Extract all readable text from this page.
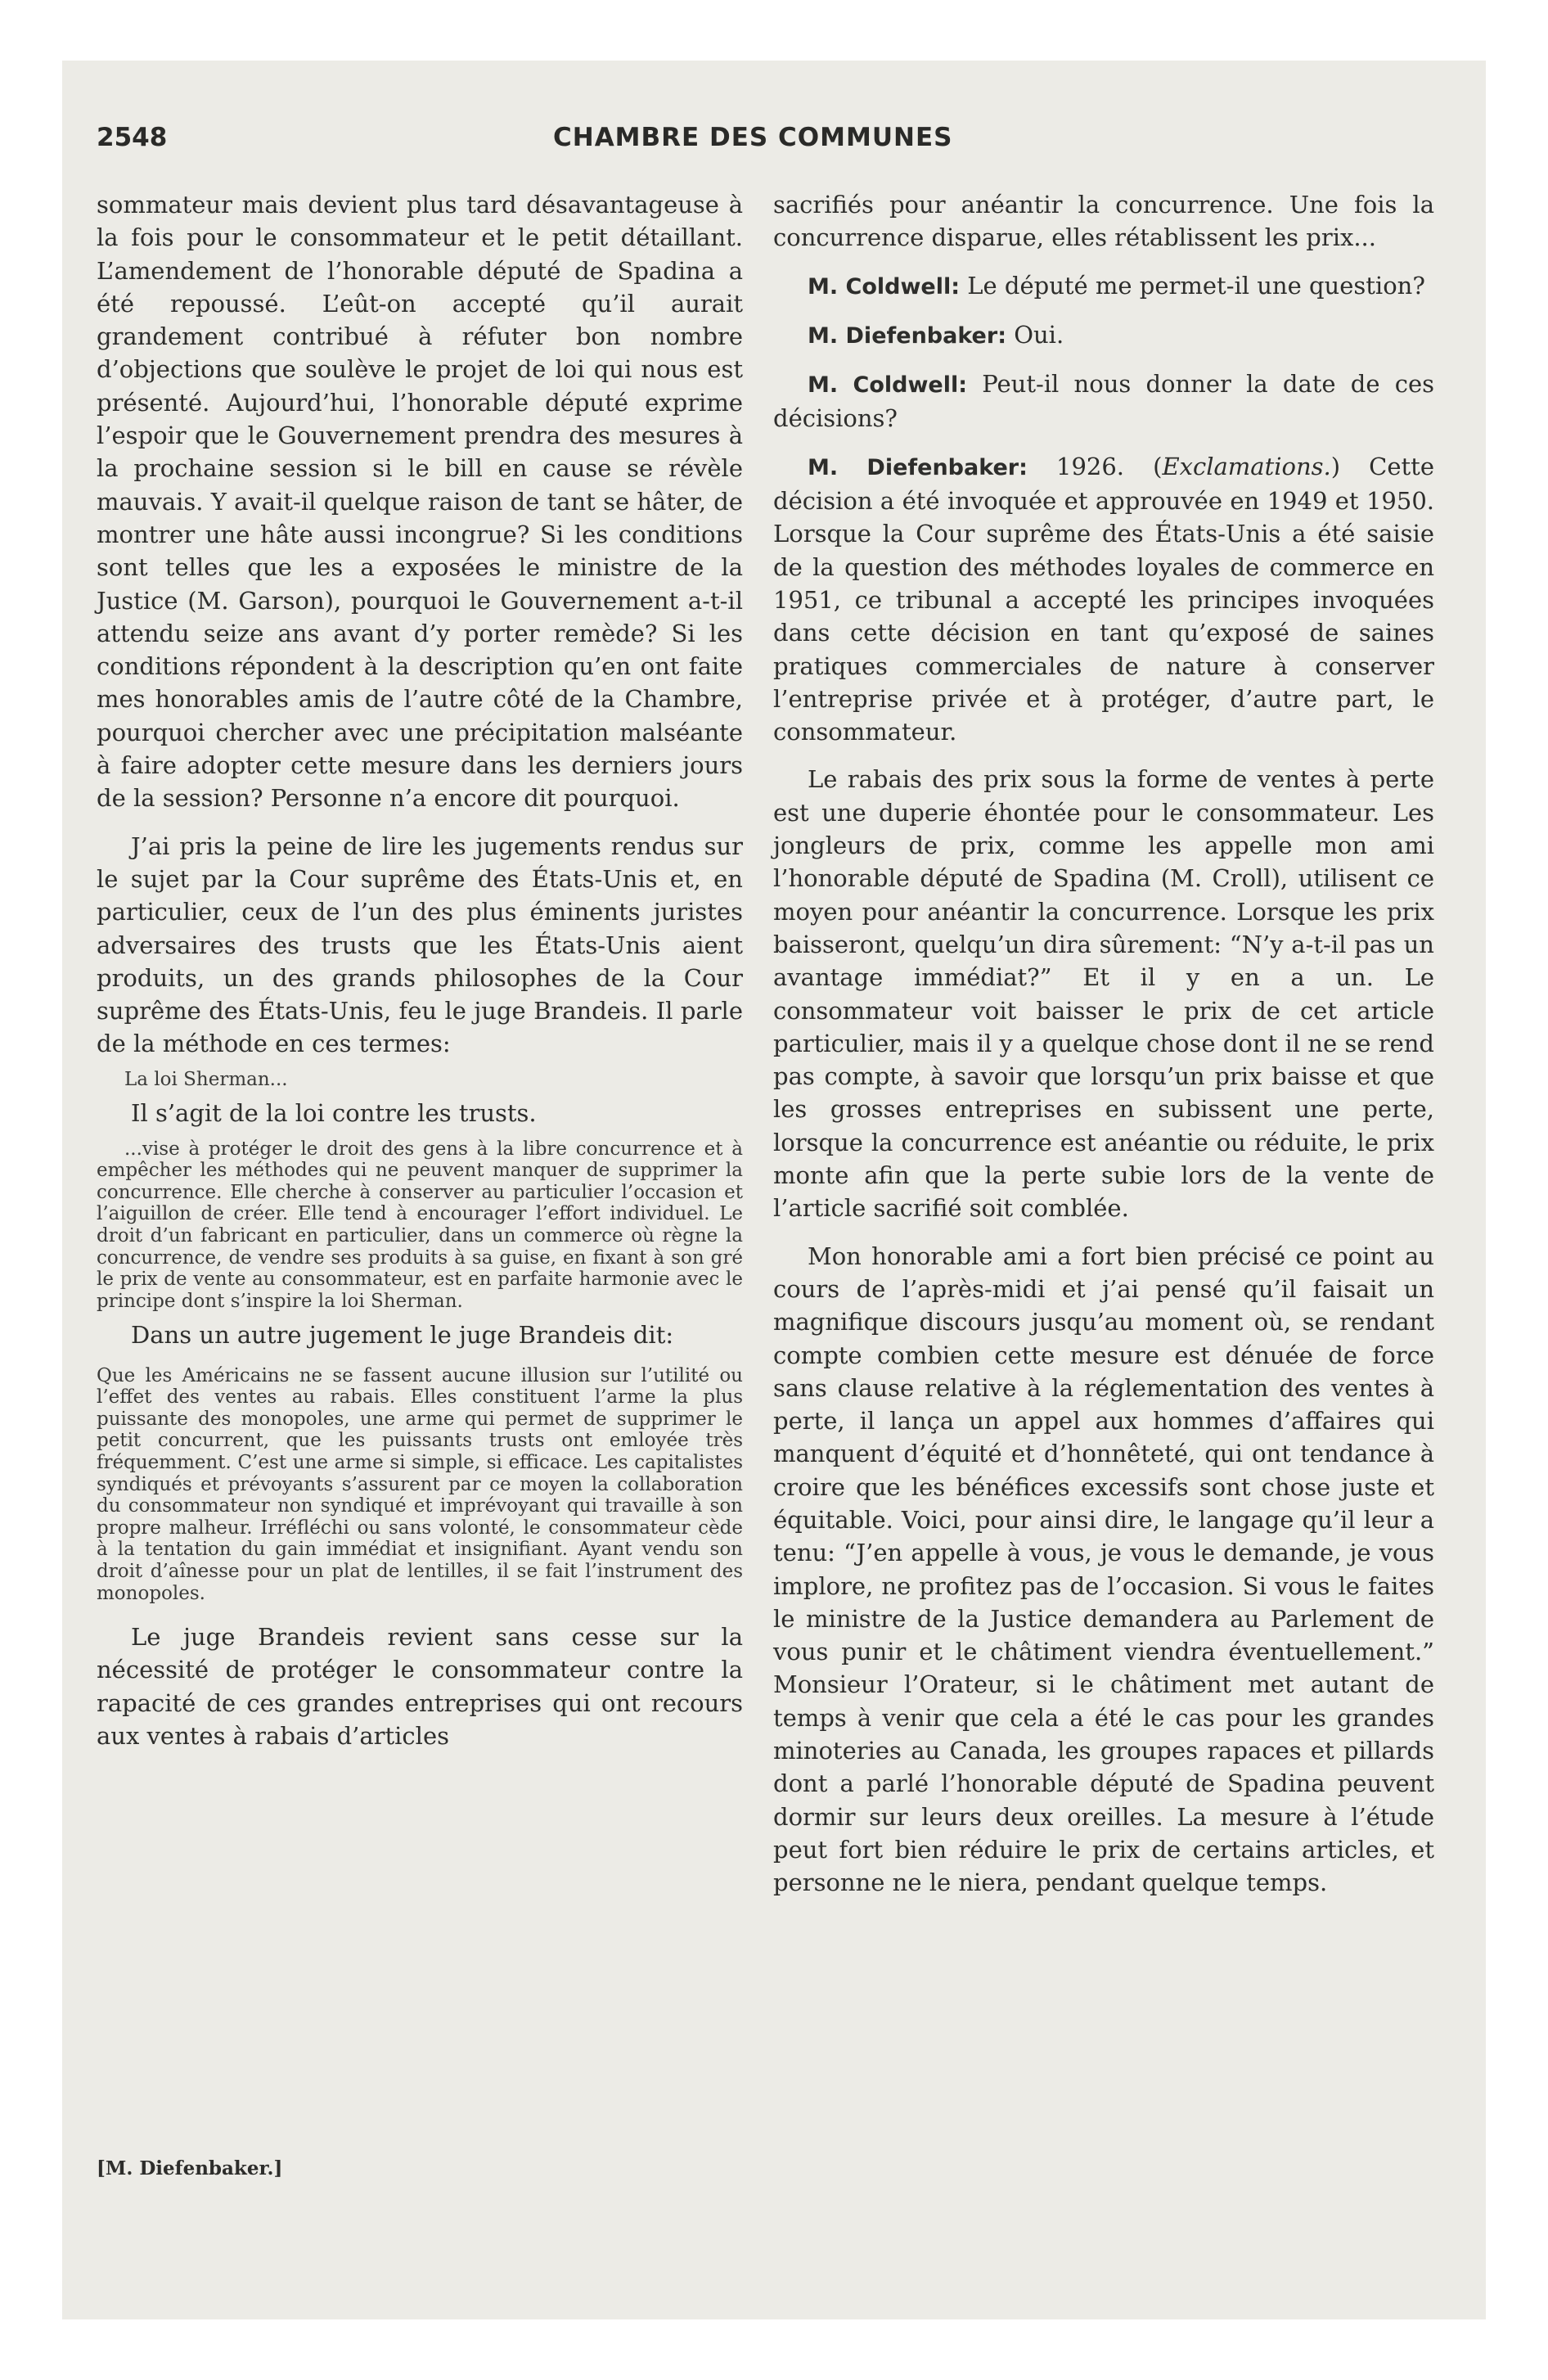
2548	CHAMBRE DES COMMUNES

sommateur mais devient plus tard désavantageuse à la fois pour le consommateur et le petit détaillant. L’amendement de l’honorable député de Spadina a été repoussé. L’eût-on accepté qu’il aurait grandement contribué à réfuter bon nombre d’objections que soulève le projet de loi qui nous est présenté. Aujourd’hui, l’honorable député exprime l’espoir que le Gouvernement prendra des mesures à la prochaine session si le bill en cause se révèle mauvais. Y avait-il quelque raison de tant se hâter, de montrer une hâte aussi incongrue? Si les conditions sont telles que les a exposées le ministre de la Justice (M. Garson), pourquoi le Gouvernement a-t-il attendu seize ans avant d’y porter remède? Si les conditions répondent à la description qu’en ont faite mes honorables amis de l’autre côté de la Chambre, pourquoi chercher avec une précipitation malséante à faire adopter cette mesure dans les derniers jours de la session? Personne n’a encore dit pourquoi.

J’ai pris la peine de lire les jugements rendus sur le sujet par la Cour suprême des États-Unis et, en particulier, ceux de l’un des plus éminents juristes adversaires des trusts que les États-Unis aient produits, un des grands philosophes de la Cour suprême des États-Unis, feu le juge Brandeis. Il parle de la méthode en ces termes:

La loi Sherman...

Il s’agit de la loi contre les trusts.

...vise à protéger le droit des gens à la libre concurrence et à empêcher les méthodes qui ne peuvent manquer de supprimer la concurrence. Elle cherche à conserver au particulier l’occasion et l’aiguillon de créer. Elle tend à encourager l’effort individuel. Le droit d’un fabricant en particulier, dans un commerce où règne la concurrence, de vendre ses produits à sa guise, en fixant à son gré le prix de vente au consommateur, est en parfaite harmonie avec le principe dont s’inspire la loi Sherman.

Dans un autre jugement le juge Brandeis dit:

Que les Américains ne se fassent aucune illusion sur l’utilité ou l’effet des ventes au rabais. Elles constituent l’arme la plus puissante des monopoles, une arme qui permet de supprimer le petit concurrent, que les puissants trusts ont emloyée très fréquemment. C’est une arme si simple, si efficace. Les capitalistes syndiqués et prévoyants s’assurent par ce moyen la collaboration du consommateur non syndiqué et imprévoyant qui travaille à son propre malheur. Irréfléchi ou sans volonté, le consommateur cède à la tentation du gain immédiat et insignifiant. Ayant vendu son droit d’aînesse pour un plat de lentilles, il se fait l’instrument des monopoles.

Le juge Brandeis revient sans cesse sur la nécessité de protéger le consommateur contre la rapacité de ces grandes entreprises qui ont recours aux ventes à rabais d’articles

[M. Diefenbaker.]

sacrifiés pour anéantir la concurrence. Une fois la concurrence disparue, elles rétablissent les prix...

M. Coldwell: Le député me permet-il une question?

M. Diefenbaker: Oui.

M. Coldwell: Peut-il nous donner la date de ces décisions?

M. Diefenbaker: 1926. (Exclamations.) Cette décision a été invoquée et approuvée en 1949 et 1950. Lorsque la Cour suprême des États-Unis a été saisie de la question des méthodes loyales de commerce en 1951, ce tribunal a accepté les principes invoquées dans cette décision en tant qu’exposé de saines pratiques commerciales de nature à conserver l’entreprise privée et à protéger, d’autre part, le consommateur.

Le rabais des prix sous la forme de ventes à perte est une duperie éhontée pour le consommateur. Les jongleurs de prix, comme les appelle mon ami l’honorable député de Spadina (M. Croll), utilisent ce moyen pour anéantir la concurrence. Lorsque les prix baisseront, quelqu’un dira sûrement: “N’y a-t-il pas un avantage immédiat?” Et il y en a un. Le consommateur voit baisser le prix de cet article particulier, mais il y a quelque chose dont il ne se rend pas compte, à savoir que lorsqu’un prix baisse et que les grosses entreprises en subissent une perte, lorsque la concurrence est anéantie ou réduite, le prix monte afin que la perte subie lors de la vente de l’article sacrifié soit comblée.

Mon honorable ami a fort bien précisé ce point au cours de l’après-midi et j’ai pensé qu’il faisait un magnifique discours jusqu’au moment où, se rendant compte combien cette mesure est dénuée de force sans clause relative à la réglementation des ventes à perte, il lança un appel aux hommes d’affaires qui manquent d’équité et d’honnêteté, qui ont tendance à croire que les bénéfices excessifs sont chose juste et équitable. Voici, pour ainsi dire, le langage qu’il leur a tenu: “J’en appelle à vous, je vous le demande, je vous implore, ne profitez pas de l’occasion. Si vous le faites le ministre de la Justice demandera au Parlement de vous punir et le châtiment viendra éventuellement.” Monsieur l’Orateur, si le châtiment met autant de temps à venir que cela a été le cas pour les grandes minoteries au Canada, les groupes rapaces et pillards dont a parlé l’honorable député de Spadina peuvent dormir sur leurs deux oreilles. La mesure à l’étude peut fort bien réduire le prix de certains articles, et personne ne le niera, pendant quelque temps.
